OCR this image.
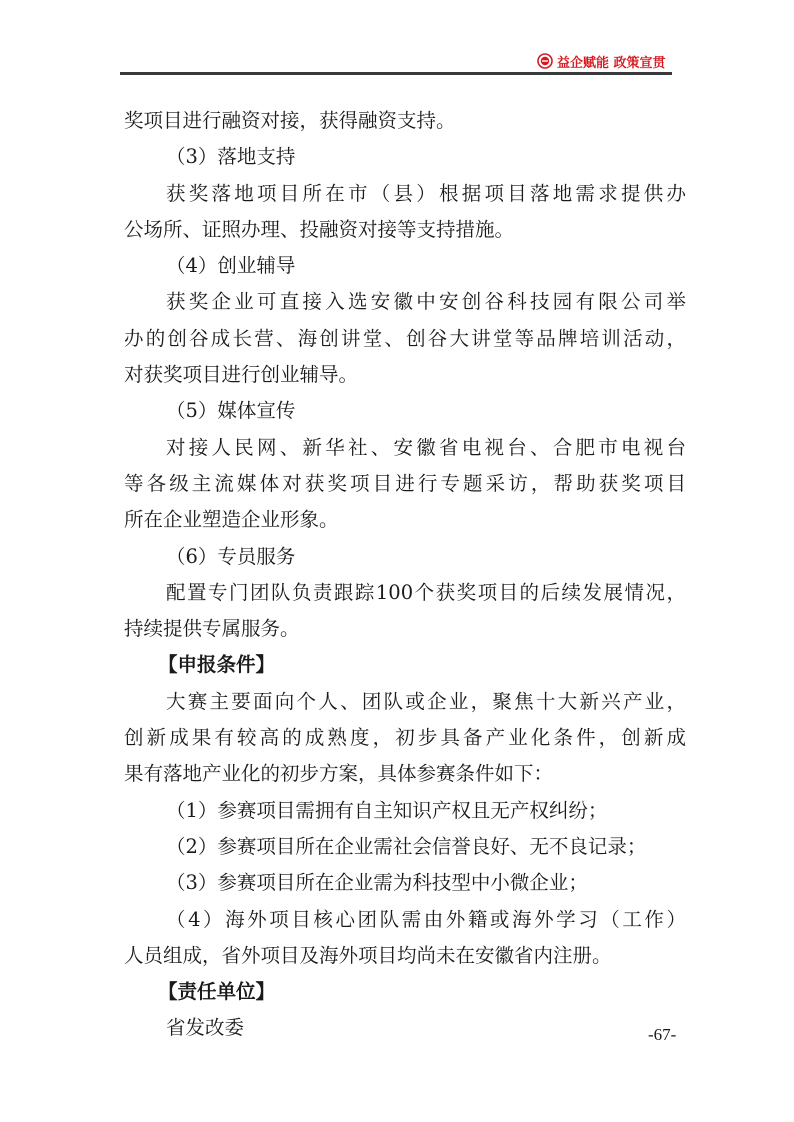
益企赋能 政策宣贯
奖项目进行融资对接，获得融资支持。
（3）落地支持
获奖落地项目所在市（县）根据项目落地需求提供办
公场所、证照办理、投融资对接等支持措施。
（4）创业辅导
获奖企业可直接入选安徽中安创谷科技园有限公司举
办的创谷成长营、海创讲堂、创谷大讲堂等品牌培训活动，
对获奖项目进行创业辅导。
（5）媒体宣传
对接人民网、新华社、安徽省电视台、合肥市电视台
等各级主流媒体对获奖项目进行专题采访，帮助获奖项目
所在企业塑造企业形象。
（6）专员服务
配置专门团队负责跟踪100个获奖项目的后续发展情况，
持续提供专属服务。
【申报条件】
大赛主要面向个人、团队或企业，聚焦十大新兴产业，
创新成果有较高的成熟度，初步具备产业化条件，创新成
果有落地产业化的初步方案，具体参赛条件如下：
（1）参赛项目需拥有自主知识产权且无产权纠纷；
（2）参赛项目所在企业需社会信誉良好、无不良记录；
（3）参赛项目所在企业需为科技型中小微企业；
（4）海外项目核心团队需由外籍或海外学习（工作）
人员组成，省外项目及海外项目均尚未在安徽省内注册。
【责任单位】
省发改委	-67-
